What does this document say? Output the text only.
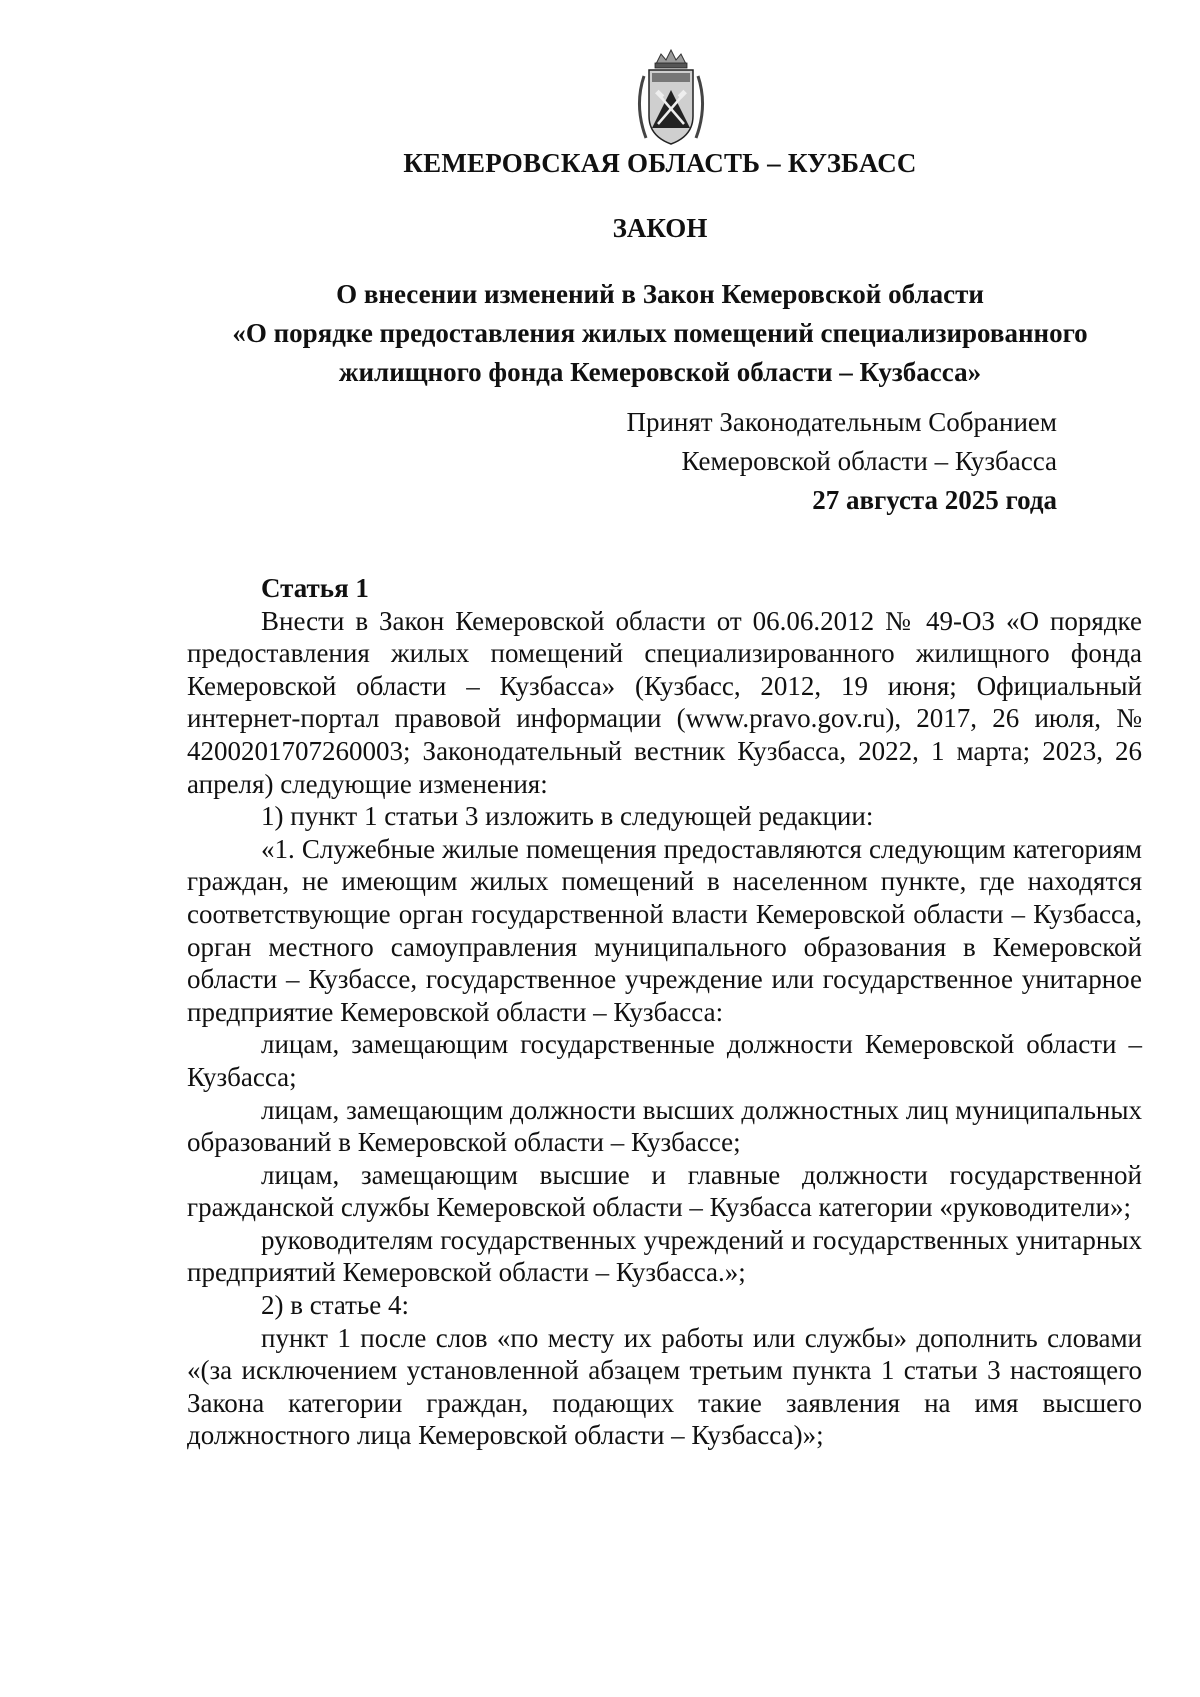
КЕМЕРОВСКАЯ ОБЛАСТЬ – КУЗБАСС
ЗАКОН
О внесении изменений в Закон Кемеровской области
«О порядке предоставления жилых помещений специализированного
жилищного фонда Кемеровской области – Кузбасса»
Принят Законодательным Собранием
Кемеровской области – Кузбасса
27 августа 2025 года

Статья 1

Внести в Закон Кемеровской области от 06.06.2012 № 49-ОЗ «О порядке предоставления жилых помещений специализированного жилищного фонда Кемеровской области – Кузбасса» (Кузбасс, 2012, 19 июня; Официальный интернет-портал правовой информации (www.pravo.gov.ru), 2017, 26 июля, № 4200201707260003; Законодательный вестник Кузбасса, 2022, 1 марта; 2023, 26 апреля) следующие изменения:

1) пункт 1 статьи 3 изложить в следующей редакции:

«1. Служебные жилые помещения предоставляются следующим категориям граждан, не имеющим жилых помещений в населенном пункте, где находятся соответствующие орган государственной власти Кемеровской области – Кузбасса, орган местного самоуправления муниципального образования в Кемеровской области – Кузбассе, государственное учреждение или государственное унитарное предприятие Кемеровской области – Кузбасса:

лицам, замещающим государственные должности Кемеровской области – Кузбасса;

лицам, замещающим должности высших должностных лиц муниципальных образований в Кемеровской области – Кузбассе;

лицам, замещающим высшие и главные должности государственной гражданской службы Кемеровской области – Кузбасса категории «руководители»;

руководителям государственных учреждений и государственных унитарных предприятий Кемеровской области – Кузбасса.»;

2) в статье 4:

пункт 1 после слов «по месту их работы или службы» дополнить словами «(за исключением установленной абзацем третьим пункта 1 статьи 3 настоящего Закона категории граждан, подающих такие заявления на имя высшего должностного лица Кемеровской области – Кузбасса)»;
